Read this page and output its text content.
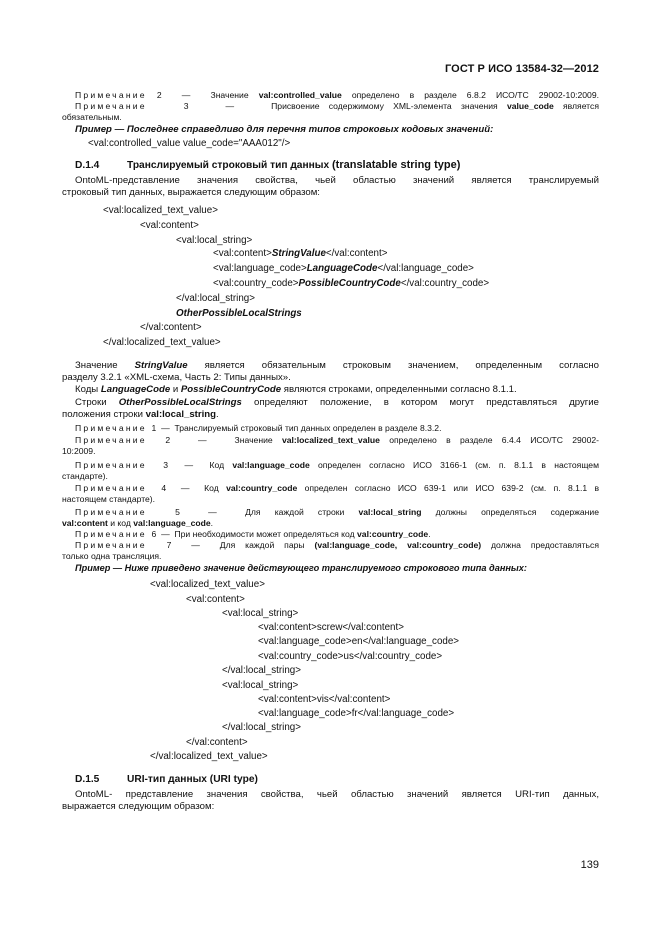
ГОСТ Р ИСО 13584-32—2012
Примечание 2  —  Значение val:controlled_value определено в разделе 6.8.2 ИСО/ТС 29002-10:2009.
Примечание	3    —    Присвоение содержимому XML-элемента значения value_code является
обязательным.
Пример — Последнее справедливо для перечня типов строковых кодовых значений:
<val:controlled_value value_code="AAA012"/>
D.1.4	Транслируемый строковый тип данных (translatable string type)
OntoML-представление значения свойства, чьей областью значений является транслируемый
строковый тип данных, выражается следующим образом:
<val:localized_text_value>
<val:content>
<val:local_string>
<val:content>StringValue</val:content>
<val:language_code>LanguageCode</val:language_code>
<val:country_code>PossibleCountryCode</val:country_code>
</val:local_string>
OtherPossibleLocalStrings
</val:content>
</val:localized_text_value>
Значение StringValue является обязательным строковым значением, определенным согласно
разделу 3.2.1 «XML-схема, Часть 2: Типы данных».
Коды LanguageCode и PossibleCountryCode являются строками, определенными согласно 8.1.1.
Строки OtherPossibleLocalStrings определяют положение, в котором могут представляться другие
положения строки val:local_string.
Примечание 1  —  Транслируемый строковый тип данных определен в разделе 8.3.2.
Примечание 2   —   Значение val:localized_text_value определено в разделе 6.4.4 ИСО/ТС 29002-
10:2009.
Примечание 3  —  Код val:language_code определен согласно ИСО 3166-1 (см. п. 8.1.1 в настоящем
стандарте).
Примечание 4  —  Код val:country_code определен согласно ИСО 639-1 или ИСО 639-2 (см. п. 8.1.1 в
настоящем стандарте).
Примечание	5  —  Для каждой строки val:local_string должны определяться содержание
val:content и код val:language_code.
Примечание 6  —  При необходимости может определяться код val:country_code.
Примечание 7  —  Для каждой пары (val:language_code, val:country_code) должна предоставляться
только одна трансляция.
Пример — Ниже приведено значение действующего транслируемого строкового типа данных:
<val:localized_text_value>
<val:content>
<val:local_string>
<val:content>screw</val:content>
<val:language_code>en</val:language_code>
<val:country_code>us</val:country_code>
</val:local_string>
<val:local_string>
<val:content>vis</val:content>
<val:language_code>fr</val:language_code>
</val:local_string>
</val:content>
</val:localized_text_value>
D.1.5	URI-тип данных (URI type)
OntoML- представление значения свойства, чьей областью значений является URI-тип данных,
выражается следующим образом:
139
